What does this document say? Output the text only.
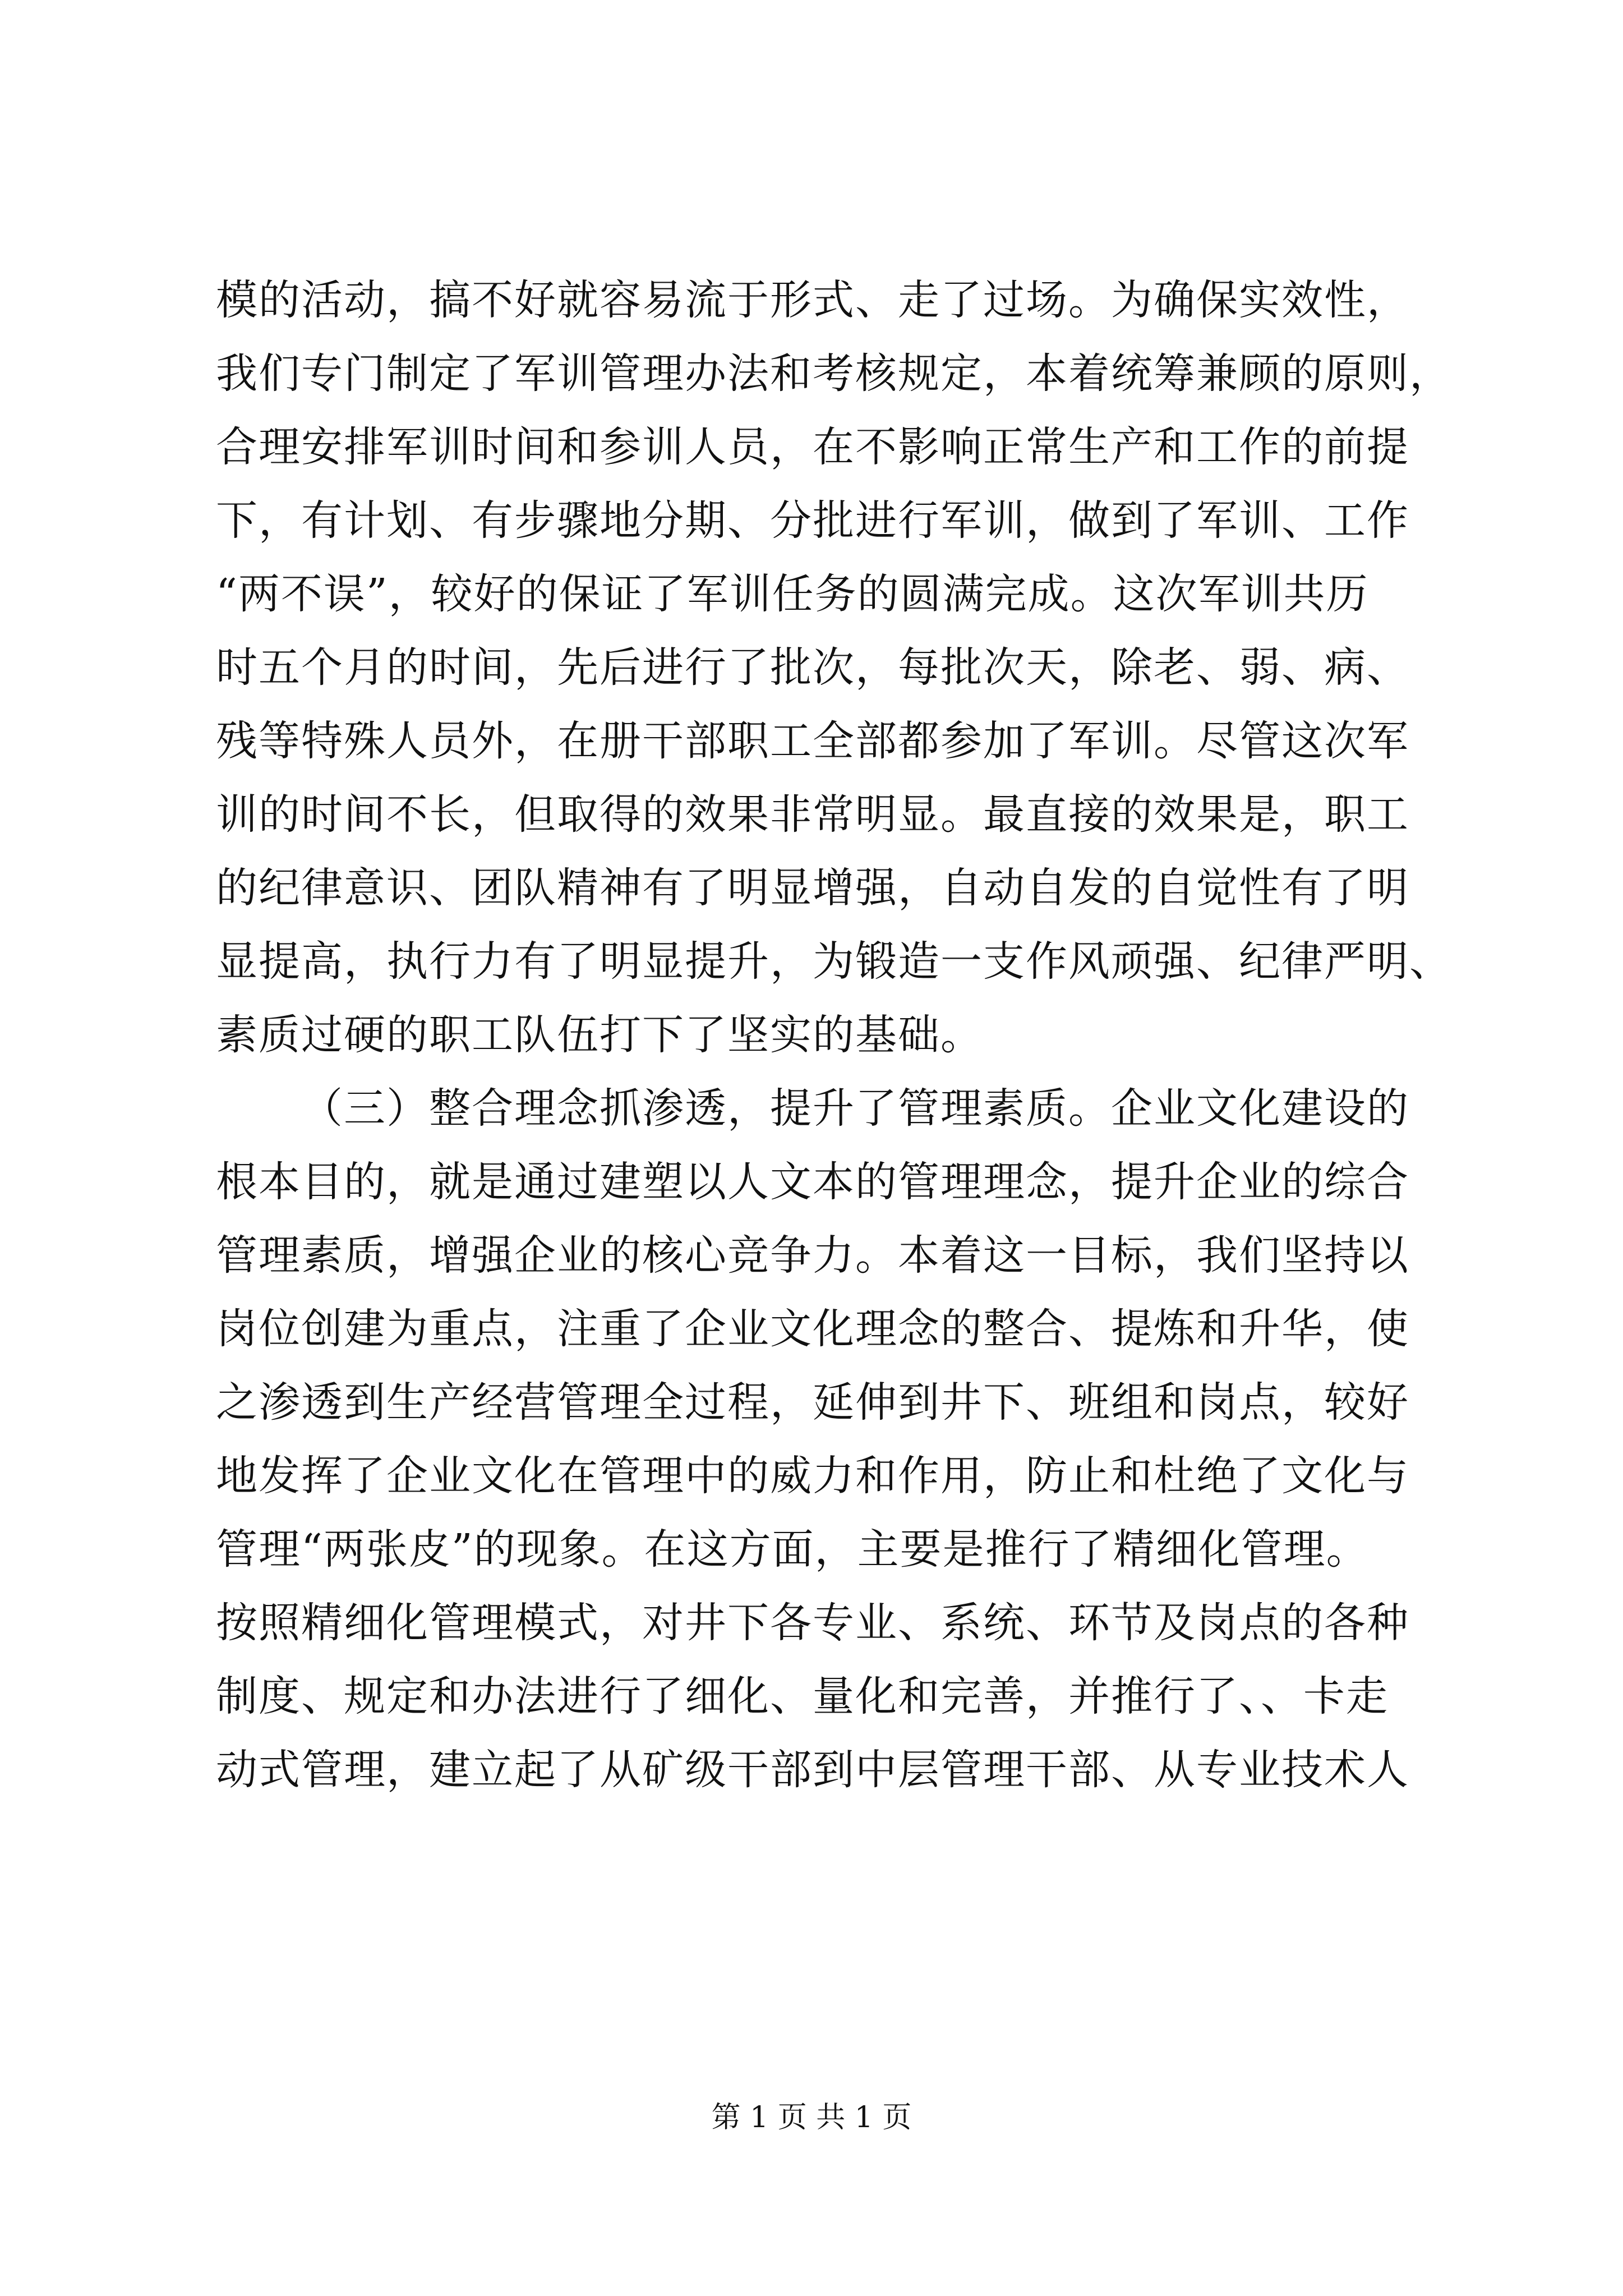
模的活动，搞不好就容易流于形式、走了过场。为确保实效性，
我们专门制定了军训管理办法和考核规定，本着统筹兼顾的原则，
合理安排军训时间和参训人员，在不影响正常生产和工作的前提
下，有计划、有步骤地分期、分批进行军训，做到了军训、工作
“两不误”，较好的保证了军训任务的圆满完成。这次军训共历
时五个月的时间，先后进行了批次，每批次天，除老、弱、病、
残等特殊人员外，在册干部职工全部都参加了军训。尽管这次军
训的时间不长，但取得的效果非常明显。最直接的效果是，职工
的纪律意识、团队精神有了明显增强，自动自发的自觉性有了明
显提高，执行力有了明显提升，为锻造一支作风顽强、纪律严明、
素质过硬的职工队伍打下了坚实的基础。
（三）整合理念抓渗透，提升了管理素质。企业文化建设的
根本目的，就是通过建塑以人文本的管理理念，提升企业的综合
管理素质，增强企业的核心竞争力。本着这一目标，我们坚持以
岗位创建为重点，注重了企业文化理念的整合、提炼和升华，使
之渗透到生产经营管理全过程，延伸到井下、班组和岗点，较好
地发挥了企业文化在管理中的威力和作用，防止和杜绝了文化与
管理“两张皮”的现象。在这方面，主要是推行了精细化管理。
按照精细化管理模式，对井下各专业、系统、环节及岗点的各种
制度、规定和办法进行了细化、量化和完善，并推行了、、卡走
动式管理，建立起了从矿级干部到中层管理干部、从专业技术人
第 1 页 共 1 页
